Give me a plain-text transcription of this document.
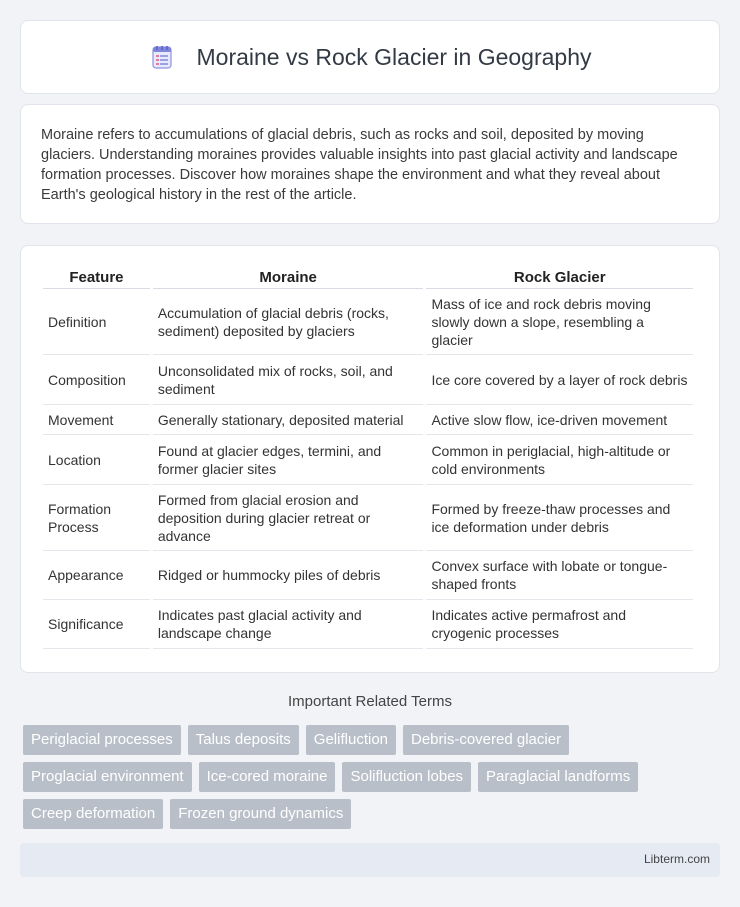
Moraine vs Rock Glacier in Geography

Moraine refers to accumulations of glacial debris, such as rocks and soil, deposited by moving glaciers. Understanding moraines provides valuable insights into past glacial activity and landscape formation processes. Discover how moraines shape the environment and what they reveal about Earth's geological history in the rest of the article.

Feature	Moraine	Rock Glacier
Definition	Accumulation of glacial debris (rocks, sediment) deposited by glaciers	Mass of ice and rock debris moving slowly down a slope, resembling a glacier
Composition	Unconsolidated mix of rocks, soil, and sediment	Ice core covered by a layer of rock debris
Movement	Generally stationary, deposited material	Active slow flow, ice-driven movement
Location	Found at glacier edges, termini, and former glacier sites	Common in periglacial, high-altitude or cold environments
Formation Process	Formed from glacial erosion and deposition during glacier retreat or advance	Formed by freeze-thaw processes and ice deformation under debris
Appearance	Ridged or hummocky piles of debris	Convex surface with lobate or tongue-shaped fronts
Significance	Indicates past glacial activity and landscape change	Indicates active permafrost and cryogenic processes
Important Related Terms
Periglacial processes	Talus deposits	Gelifluction	Debris-covered glacier
Proglacial environment	Ice-cored moraine	Solifluction lobes	Paraglacial landforms
Creep deformation	Frozen ground dynamics
Libterm.com
